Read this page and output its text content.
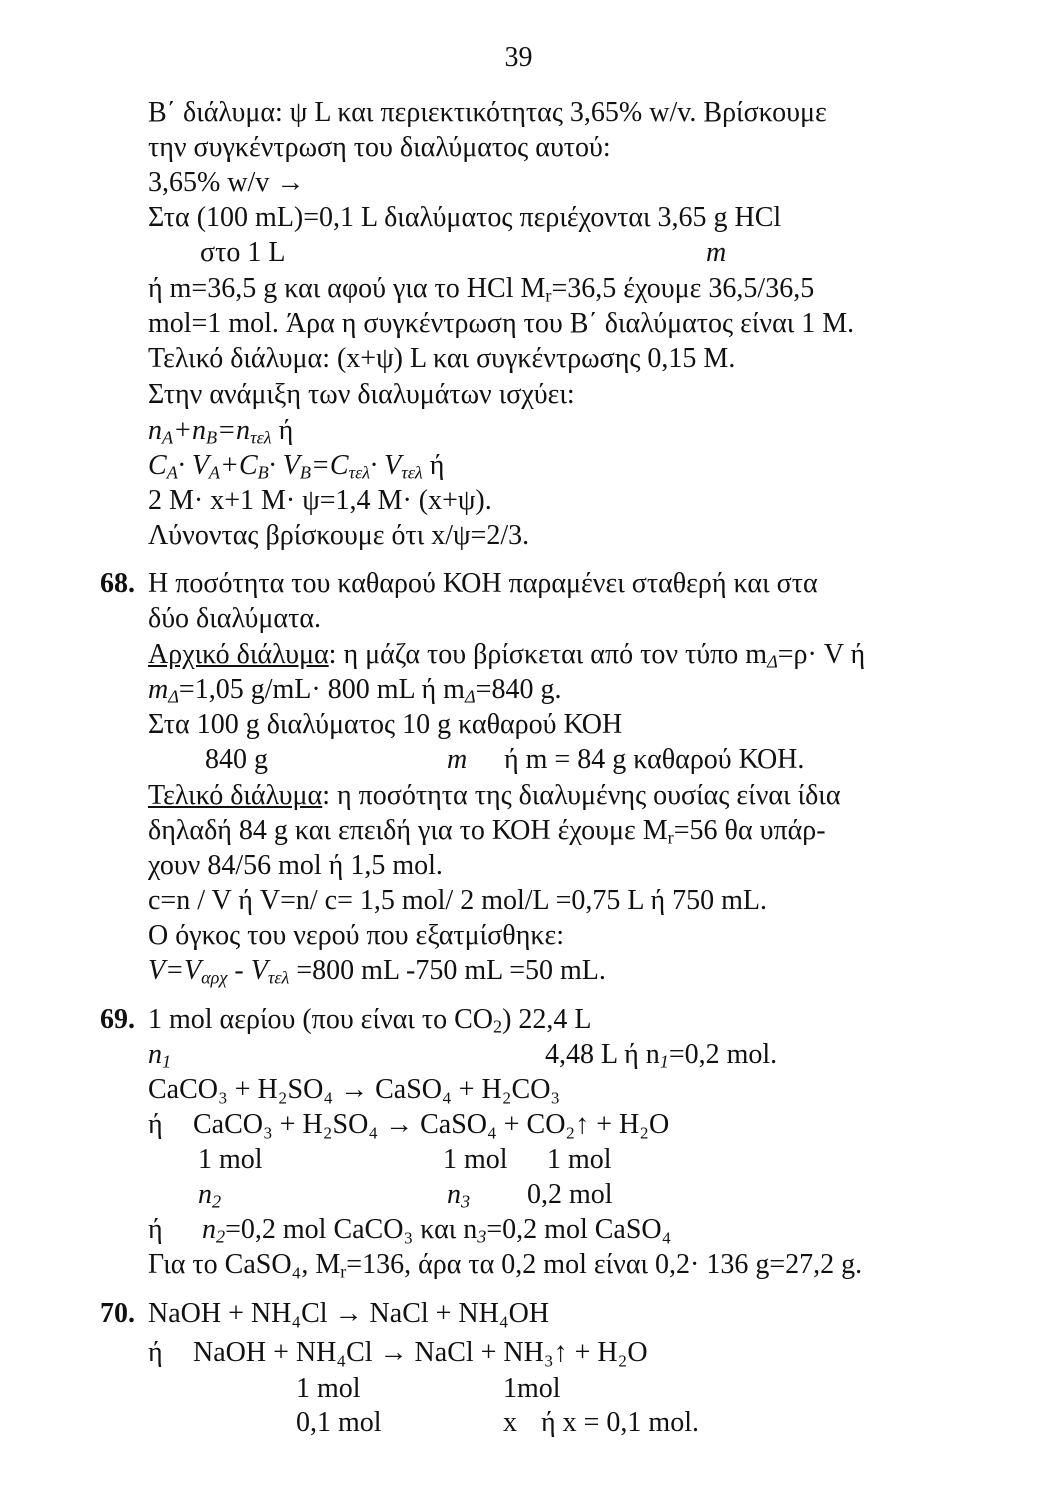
39
Β΄ διάλυμα: ψ L και περιεκτικότητας 3,65% w/v. Βρίσκουμε
την συγκέντρωση του διαλύματος αυτού:
3,65% w/v →
Στα (100 mL)=0,1 L διαλύματος περιέχονται 3,65 g HCl
στο 1 L	m
ή m=36,5 g και αφού για το HCl $M_r=36,5$ έχουμε 36,5/36,5
mol=1 mol. Άρα η συγκέντρωση του Β΄ διαλύματος είναι 1 M.
Τελικό διάλυμα: (x+ψ) L και συγκέντρωσης 0,15 M.
Στην ανάμιξη των διαλυμάτων ισχύει:
$n_A+n_B=n_{\tau\varepsilon\lambda}$ ή
$C_A\cdot V_A+C_B\cdot V_B=C_{\tau\varepsilon\lambda}\cdot V_{\tau\varepsilon\lambda}$ ή
2 M· x+1 M· ψ=1,4 M· (x+ψ).
Λύνοντας βρίσκουμε ότι x/ψ=2/3.
68. Η ποσότητα του καθαρού ΚΟΗ παραμένει σταθερή και στα
δύο διαλύματα.
Αρχικό διάλυμα: η μάζα του βρίσκεται από τον τύπο $m_\Delta=\rho\cdot V$ ή
$m_\Delta=1,05$ g/mL· 800 mL ή $m_\Delta=840$ g.
Στα 100 g διαλύματος 10 g καθαρού ΚΟΗ
840 g	m ή m = 84 g καθαρού ΚΟΗ.
Τελικό διάλυμα: η ποσότητα της διαλυμένης ουσίας είναι ίδια
δηλαδή 84 g και επειδή για το ΚΟΗ έχουμε $M_r=56$ θα υπάρ-
χουν 84/56 mol ή 1,5 mol.
c=n / V ή V=n/ c= 1,5 mol/ 2 mol/L =0,75 L ή 750 mL.
Ο όγκος του νερού που εξατμίσθηκε:
$V=V_{\alpha\rho\chi} - V_{\tau\varepsilon\lambda} =800$ mL -750 mL =50 mL.
69. 1 mol αερίου (που είναι το $CO_2$) 22,4 L
$n_1$	4,48 L ή $n_1=0,2$ mol.
CaCO₃ + H₂SO₄ → CaSO₄ + H₂CO₃
ή CaCO₃ + H₂SO₄ → CaSO₄ + CO₂↑ + H₂O
1 mol	1 mol 1 mol
$n_2$	$n_3$ 0,2 mol
ή $n_2=0,2$ mol CaCO₃ και $n_3=0,2$ mol CaSO₄
Για το CaSO₄, $M_r=136$, άρα τα 0,2 mol είναι 0,2· 136 g=27,2 g.
70. NaOH + NH₄Cl → NaCl + NH₄OH
ή NaOH + NH₄Cl → NaCl + NH₃↑ + H₂O
1 mol	1mol
0,1 mol	x ή x = 0,1 mol.
